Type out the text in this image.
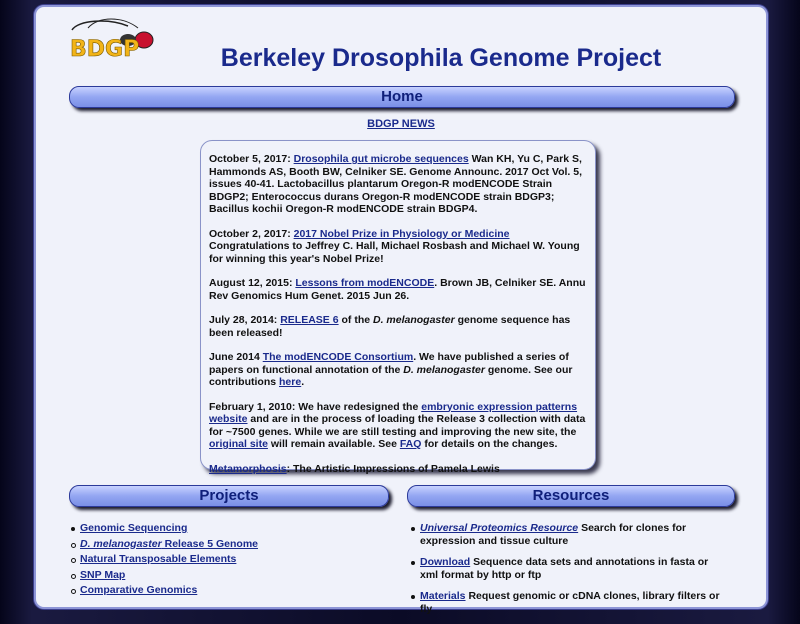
BDGP	Berkeley Drosophila Genome Project
Home
BDGP NEWS
October 5, 2017: Drosophila gut microbe sequences Wan KH, Yu C, Park S, Hammonds AS, Booth BW, Celniker SE. Genome Announc. 2017 Oct Vol. 5, issues 40-41. Lactobacillus plantarum Oregon-R modENCODE Strain BDGP2; Enterococcus durans Oregon-R modENCODE strain BDGP3; Bacillus kochii Oregon-R modENCODE strain BDGP4.
October 2, 2017: 2017 Nobel Prize in Physiology or Medicine Congratulations to Jeffrey C. Hall, Michael Rosbash and Michael W. Young for winning this year's Nobel Prize!
August 12, 2015: Lessons from modENCODE. Brown JB, Celniker SE. Annu Rev Genomics Hum Genet. 2015 Jun 26.
July 28, 2014: RELEASE 6 of the D. melanogaster genome sequence has been released!
June 2014 The modENCODE Consortium. We have published a series of papers on functional annotation of the D. melanogaster genome. See our contributions here.
February 1, 2010: We have redesigned the embryonic expression patterns website and are in the process of loading the Release 3 collection with data for ~7500 genes. While we are still testing and improving the new site, the original site will remain available. See FAQ for details on the changes.
Metamorphosis: The Artistic Impressions of Pamela Lewis
Projects	Resources
Genomic Sequencing
D. melanogaster Release 5 Genome
Natural Transposable Elements
SNP Map
Comparative Genomics
Universal Proteomics Resource Search for clones for expression and tissue culture
Download Sequence data sets and annotations in fasta or xml format by http or ftp
Materials Request genomic or cDNA clones, library filters or fly
